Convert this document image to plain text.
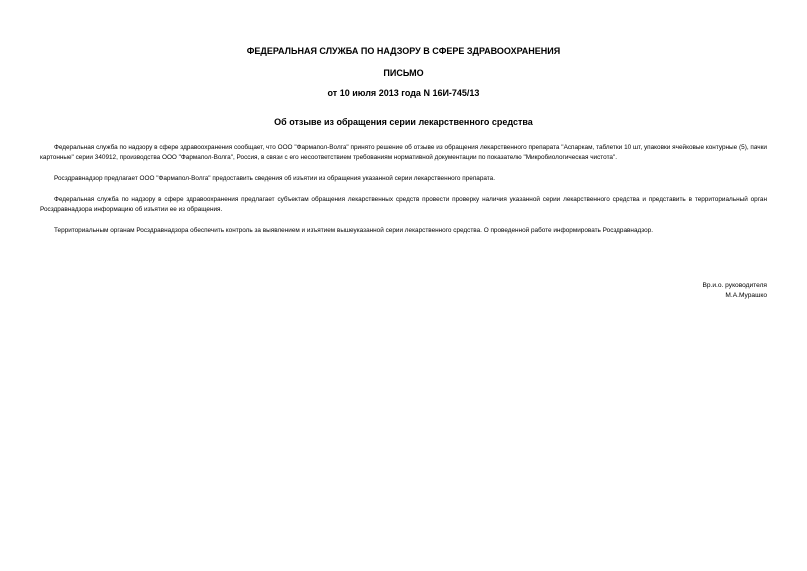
ФЕДЕРАЛЬНАЯ СЛУЖБА ПО НАДЗОРУ В СФЕРЕ ЗДРАВООХРАНЕНИЯ
ПИСЬМО
от 10 июля 2013 года N 16И-745/13
Об отзыве из обращения серии лекарственного средства

Федеральная служба по надзору в сфере здравоохранения сообщает, что ООО "Фармапол-Волга" принято решение об отзыве из обращения лекарственного препарата "Аспаркам, таблетки 10 шт, упаковки ячейковые контурные (5), пачки картонные" серии 340912, производства ООО "Фармапол-Волга", Россия, в связи с его несоответствием требованиям нормативной документации по показателю "Микробиологическая чистота".

Росздравнадзор предлагает ООО "Фармапол-Волга" предоставить сведения об изъятии из обращения указанной серии лекарственного препарата.

Федеральная служба по надзору в сфере здравоохранения предлагает субъектам обращения лекарственных средств провести проверку наличия указанной серии лекарственного средства и представить в территориальный орган Росздравнадзора информацию об изъятии ее из обращения.

Территориальным органам Росздравнадзора обеспечить контроль за выявлением и изъятием вышеуказанной серии лекарственного средства. О проведенной работе информировать Росздравнадзор.

Вр.и.о. руководителя
М.А.Мурашко
